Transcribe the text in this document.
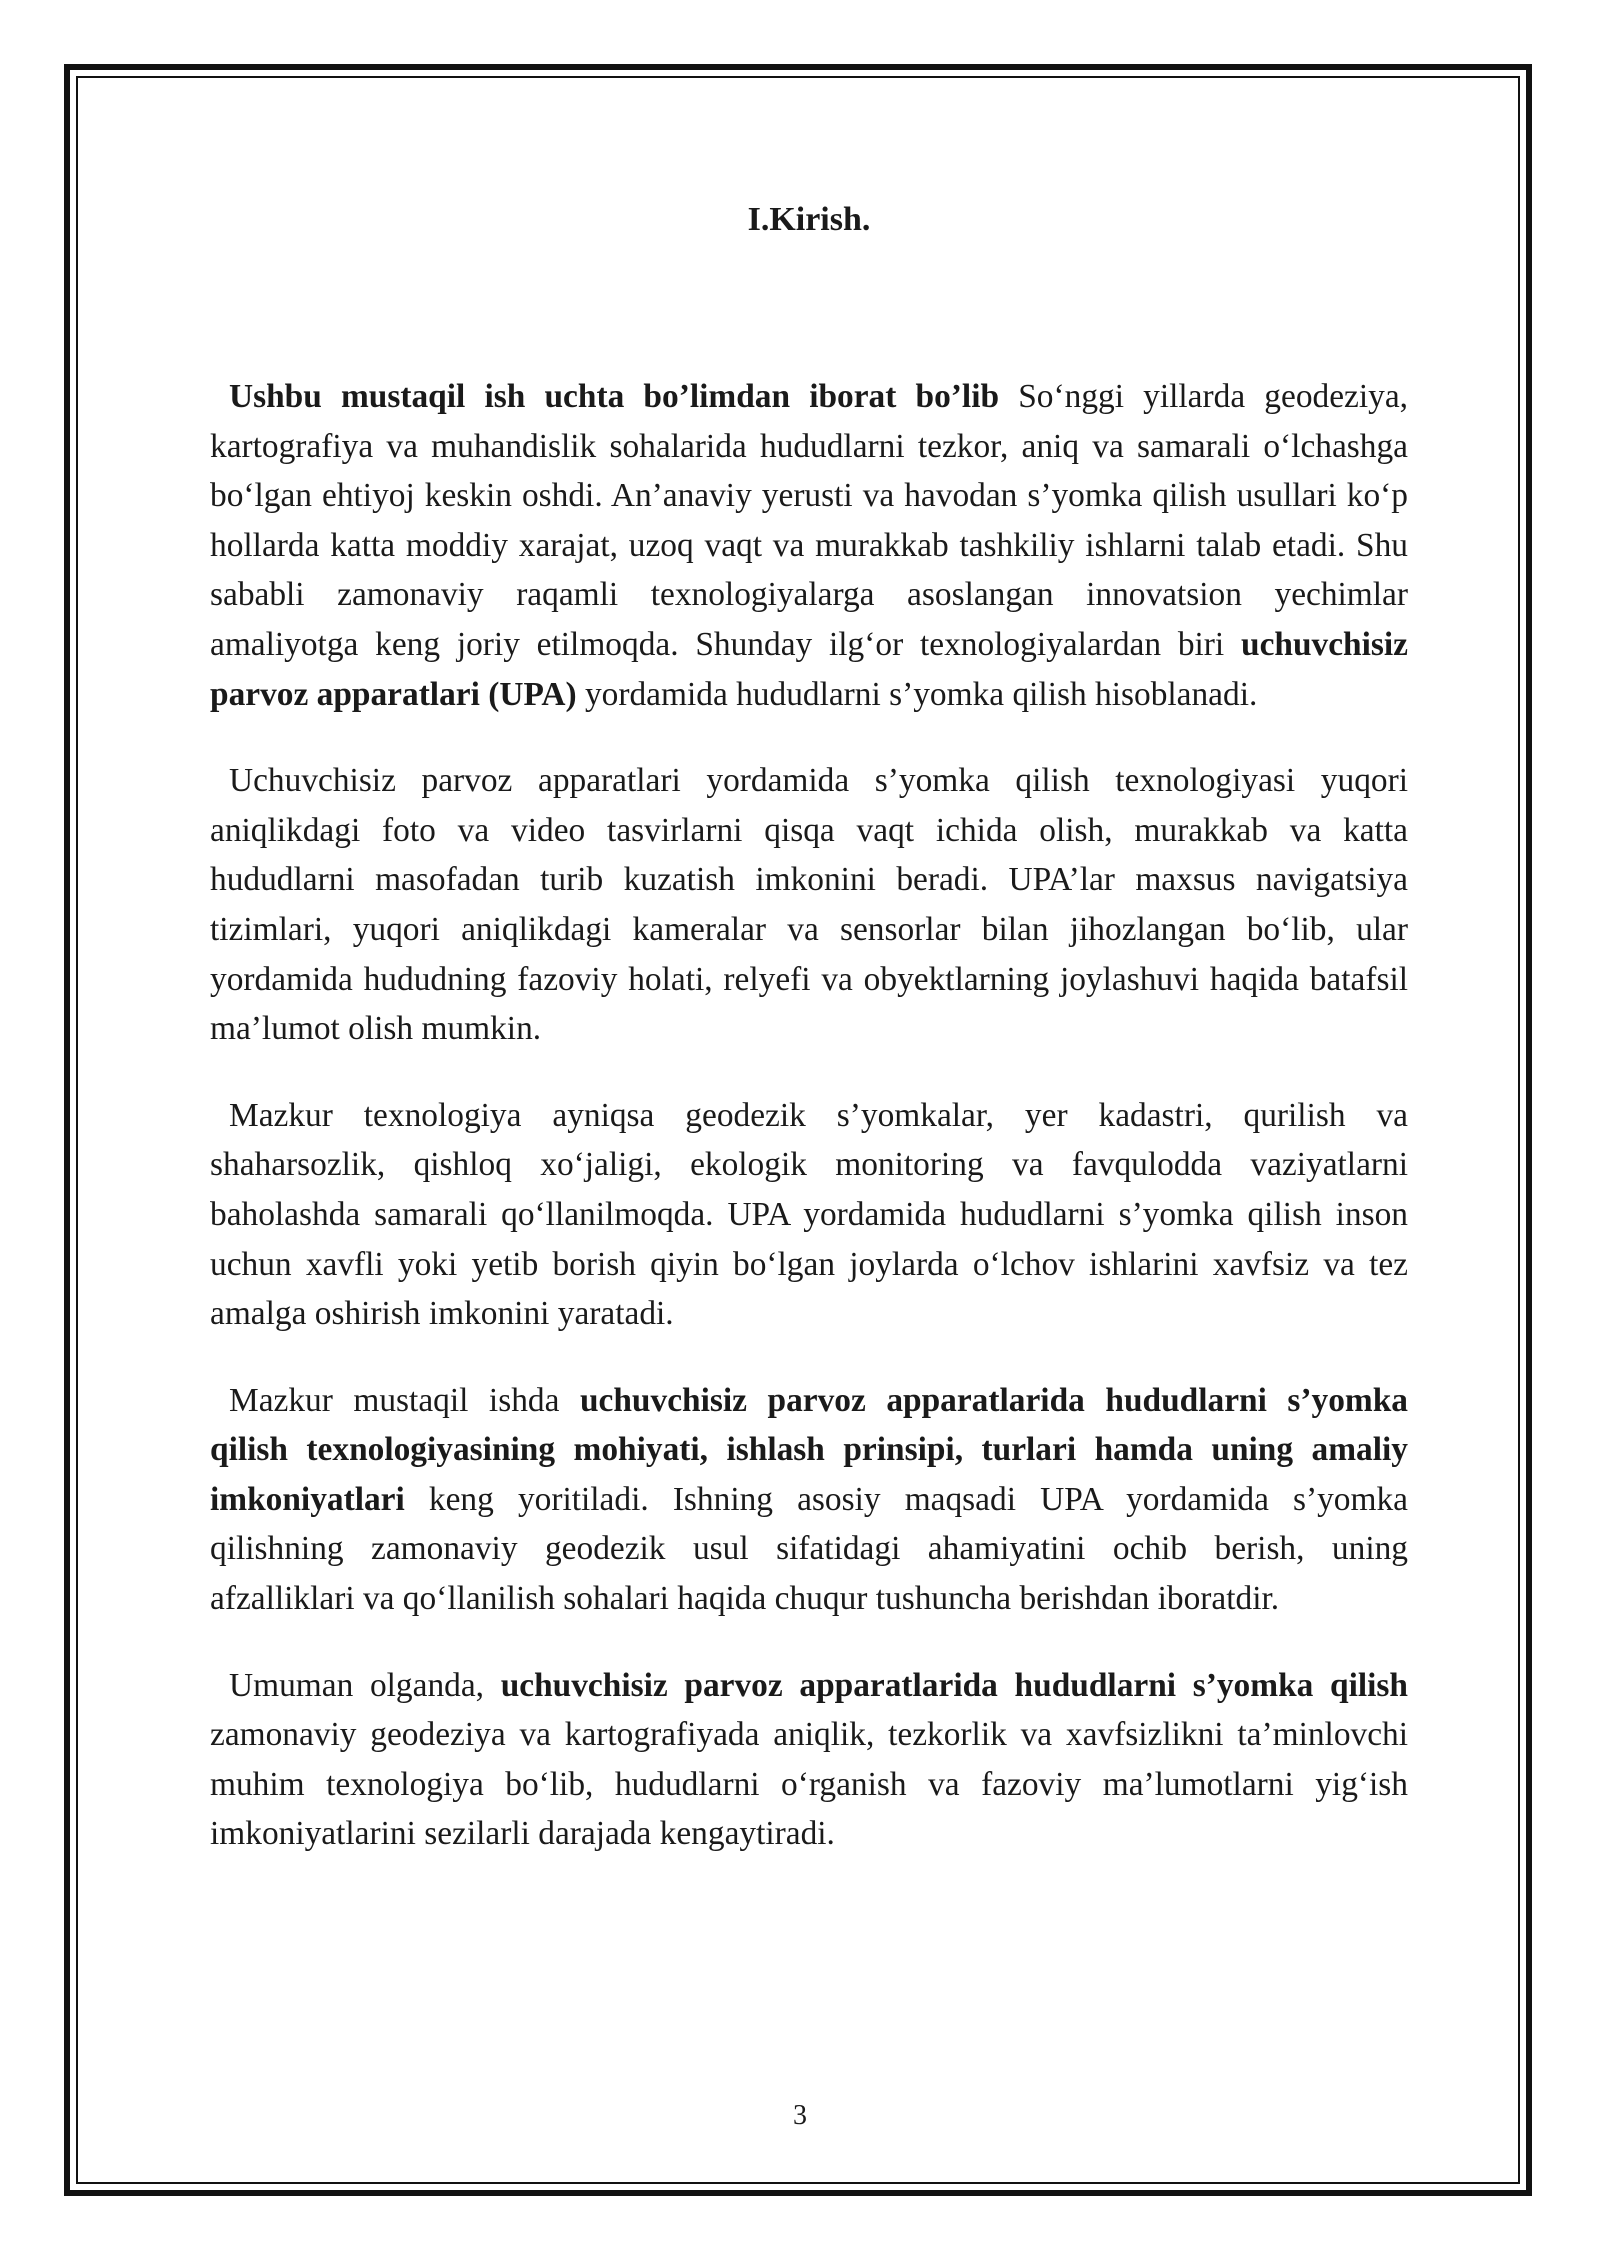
I.Kirish.

Ushbu mustaqil ish uchta bo’limdan iborat bo’lib So‘nggi yillarda geodeziya, kartografiya va muhandislik sohalarida hududlarni tezkor, aniq va samarali o‘lchashga bo‘lgan ehtiyoj keskin oshdi. An’anaviy yerusti va havodan s’yomka qilish usullari ko‘p hollarda katta moddiy xarajat, uzoq vaqt va murakkab tashkiliy ishlarni talab etadi. Shu sababli zamonaviy raqamli texnologiyalarga asoslangan innovatsion yechimlar amaliyotga keng joriy etilmoqda. Shunday ilg‘or texnologiyalardan biri uchuvchisiz parvoz apparatlari (UPA) yordamida hududlarni s’yomka qilish hisoblanadi.

Uchuvchisiz parvoz apparatlari yordamida s’yomka qilish texnologiyasi yuqori aniqlikdagi foto va video tasvirlarni qisqa vaqt ichida olish, murakkab va katta hududlarni masofadan turib kuzatish imkonini beradi. UPA’lar maxsus navigatsiya tizimlari, yuqori aniqlikdagi kameralar va sensorlar bilan jihozlangan bo‘lib, ular yordamida hududning fazoviy holati, relyefi va obyektlarning joylashuvi haqida batafsil ma’lumot olish mumkin.

Mazkur texnologiya ayniqsa geodezik s’yomkalar, yer kadastri, qurilish va shaharsozlik, qishloq xo‘jaligi, ekologik monitoring va favqulodda vaziyatlarni baholashda samarali qo‘llanilmoqda. UPA yordamida hududlarni s’yomka qilish inson uchun xavfli yoki yetib borish qiyin bo‘lgan joylarda o‘lchov ishlarini xavfsiz va tez amalga oshirish imkonini yaratadi.

Mazkur mustaqil ishda uchuvchisiz parvoz apparatlarida hududlarni s’yomka qilish texnologiyasining mohiyati, ishlash prinsipi, turlari hamda uning amaliy imkoniyatlari keng yoritiladi. Ishning asosiy maqsadi UPA yordamida s’yomka qilishning zamonaviy geodezik usul sifatidagi ahamiyatini ochib berish, uning afzalliklari va qo‘llanilish sohalari haqida chuqur tushuncha berishdan iboratdir.

Umuman olganda, uchuvchisiz parvoz apparatlarida hududlarni s’yomka qilish zamonaviy geodeziya va kartografiyada aniqlik, tezkorlik va xavfsizlikni ta’minlovchi muhim texnologiya bo‘lib, hududlarni o‘rganish va fazoviy ma’lumotlarni yig‘ish imkoniyatlarini sezilarli darajada kengaytiradi.

3
